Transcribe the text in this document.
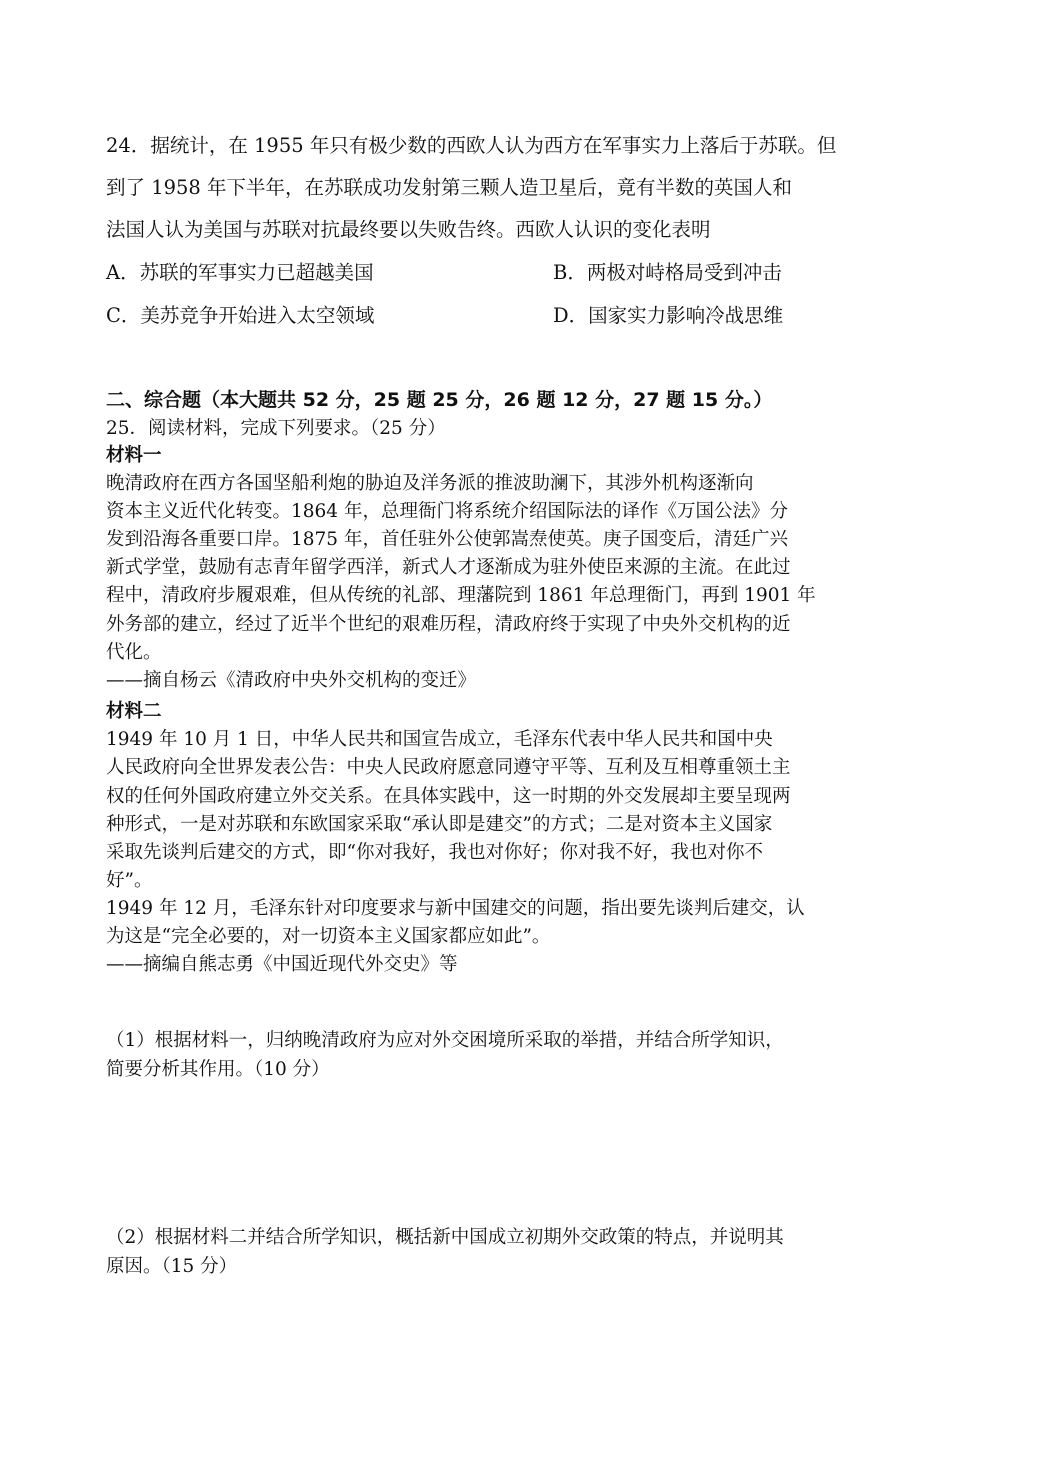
24．据统计，在 1955 年只有极少数的西欧人认为西方在军事实力上落后于苏联。但

到了 1958 年下半年，在苏联成功发射第三颗人造卫星后，竟有半数的英国人和

法国人认为美国与苏联对抗最终要以失败告终。西欧人认识的变化表明

A．苏联的军事实力已超越美国	B．两极对峙格局受到冲击

C．美苏竞争开始进入太空领域	D．国家实力影响冷战思维

二、综合题（本大题共 52 分，25 题 25 分，26 题 12 分，27 题 15 分。）

25．阅读材料，完成下列要求。（25 分）

材料一

晚清政府在西方各国坚船利炮的胁迫及洋务派的推波助澜下，其涉外机构逐渐向

资本主义近代化转变。1864 年，总理衙门将系统介绍国际法的译作《万国公法》分

发到沿海各重要口岸。1875 年，首任驻外公使郭嵩焘使英。庚子国变后，清廷广兴

新式学堂，鼓励有志青年留学西洋，新式人才逐渐成为驻外使臣来源的主流。在此过

程中，清政府步履艰难，但从传统的礼部、理藩院到 1861 年总理衙门，再到 1901 年

外务部的建立，经过了近半个世纪的艰难历程，清政府终于实现了中央外交机构的近

代化。

——摘自杨云《清政府中央外交机构的变迁》

材料二

1949 年 10 月 1 日，中华人民共和国宣告成立，毛泽东代表中华人民共和国中央

人民政府向全世界发表公告：中央人民政府愿意同遵守平等、互利及互相尊重领土主

权的任何外国政府建立外交关系。在具体实践中，这一时期的外交发展却主要呈现两

种形式，一是对苏联和东欧国家采取“承认即是建交”的方式；二是对资本主义国家

采取先谈判后建交的方式，即“你对我好，我也对你好；你对我不好，我也对你不

好”。

1949 年 12 月，毛泽东针对印度要求与新中国建交的问题，指出要先谈判后建交，认

为这是“完全必要的，对一切资本主义国家都应如此”。

——摘编自熊志勇《中国近现代外交史》等

（1）根据材料一，归纳晚清政府为应对外交困境所采取的举措，并结合所学知识，

简要分析其作用。（10 分）

（2）根据材料二并结合所学知识，概括新中国成立初期外交政策的特点，并说明其

原因。（15 分）
